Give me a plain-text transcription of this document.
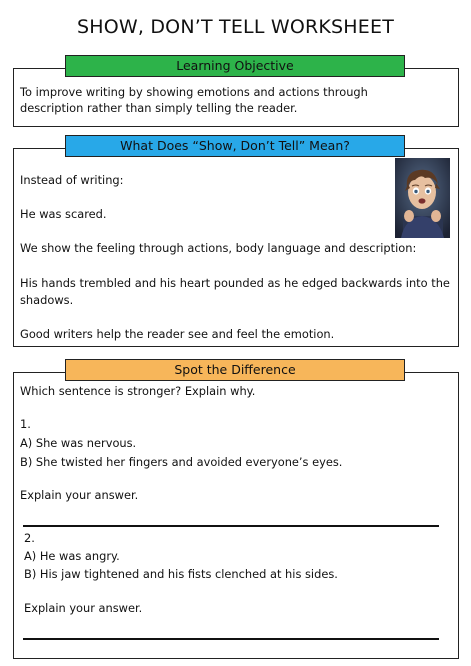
SHOW, DON’T TELL WORKSHEET
Learning Objective
To improve writing by showing emotions and actions through
description rather than simply telling the reader.
What Does “Show, Don’t Tell” Mean?
Instead of writing:
He was scared.
We show the feeling through actions, body language and description:
His hands trembled and his heart pounded as he edged backwards into the
shadows.
Good writers help the reader see and feel the emotion.
Spot the Difference
Which sentence is stronger? Explain why.
1.
A) She was nervous.
B) She twisted her fingers and avoided everyone’s eyes.
Explain your answer.
2.
A) He was angry.
B) His jaw tightened and his fists clenched at his sides.
Explain your answer.
